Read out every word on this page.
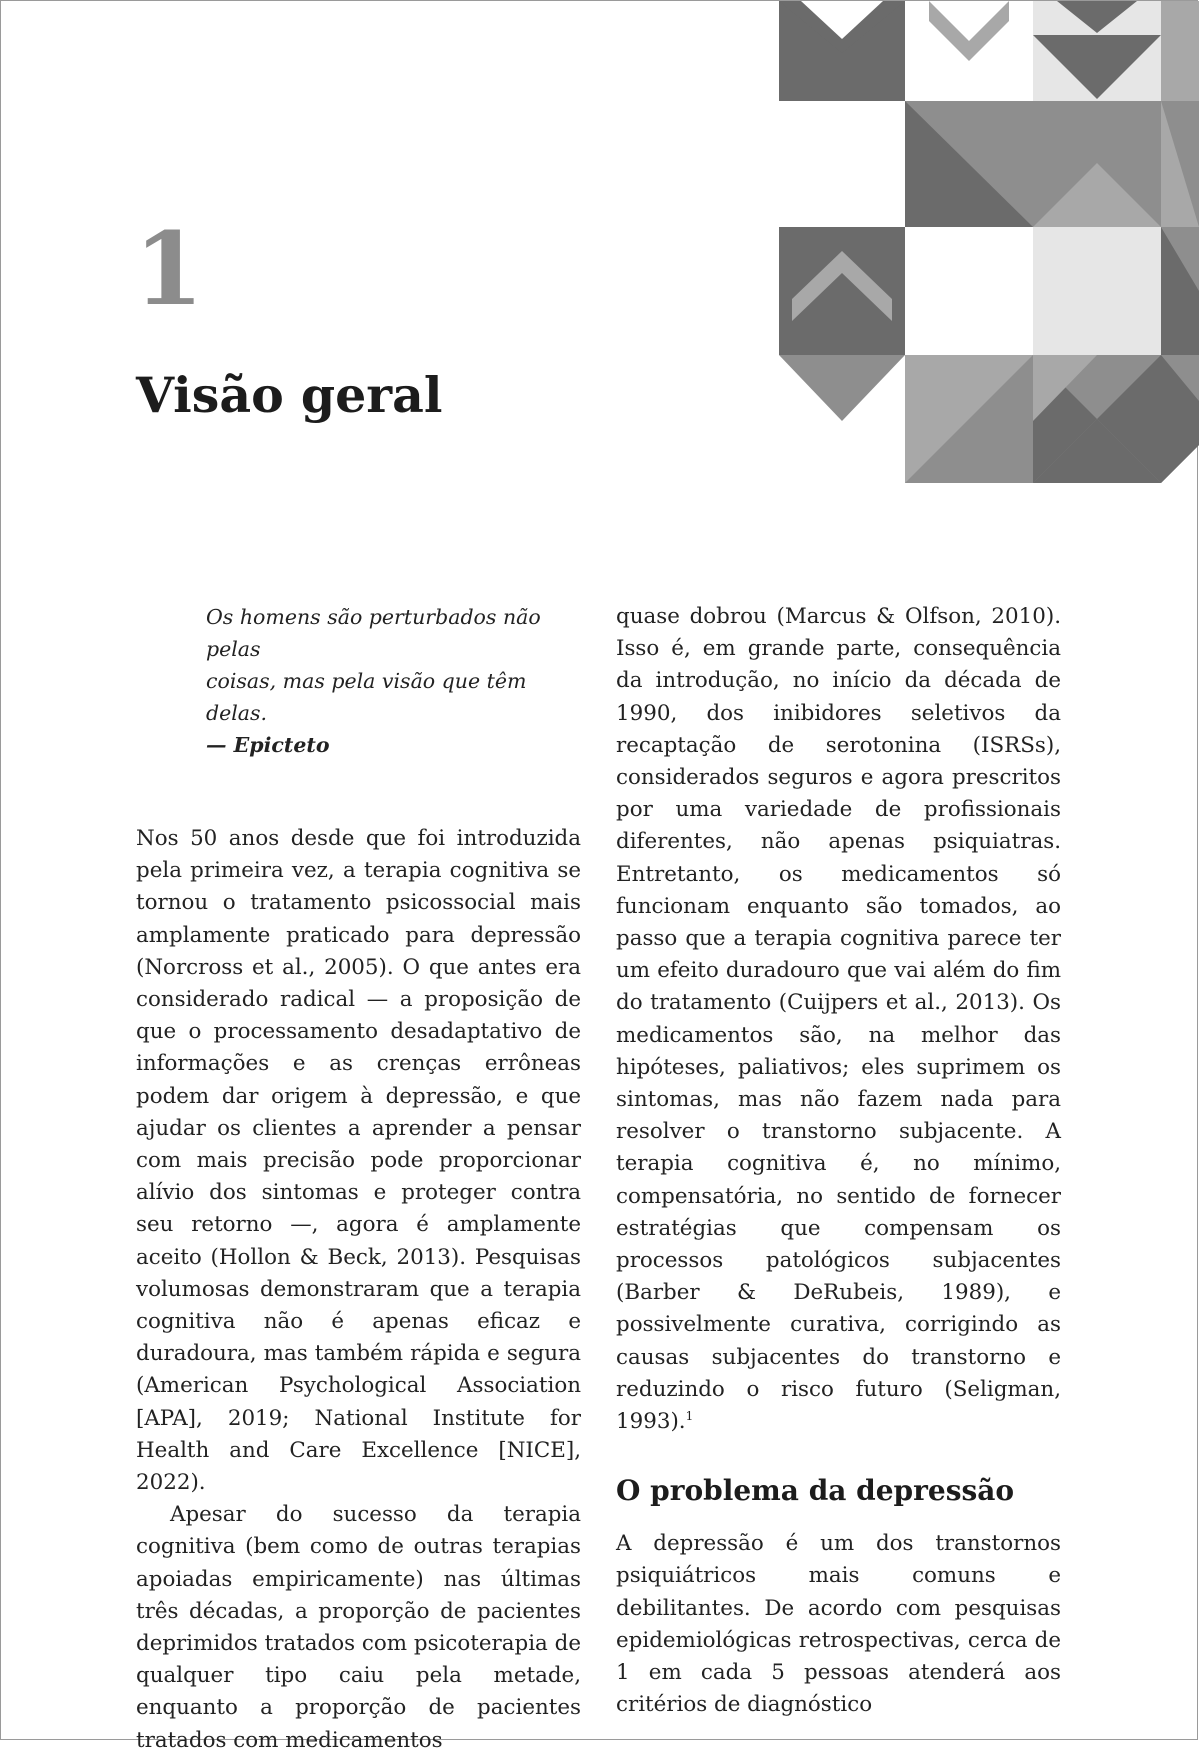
1
Visão geral
Os homens são perturbados não pelas
coisas, mas pela visão que têm delas.
— Epicteto

Nos 50 anos desde que foi introduzida pela primeira vez, a terapia cognitiva se tornou o tratamento psicossocial mais amplamente praticado para depressão (Norcross et al., 2005). O que antes era considerado radical — a proposição de que o processamento desadaptativo de informações e as crenças errôneas podem dar origem à depressão, e que ajudar os clientes a aprender a pensar com mais precisão pode proporcionar alívio dos sintomas e proteger contra seu retorno —, agora é amplamente aceito (Hollon & Beck, 2013). Pesquisas volumosas demonstraram que a terapia cognitiva não é apenas eficaz e duradoura, mas também rápida e segura (American Psychological Association [APA], 2019; National Institute for Health and Care Excellence [NICE], 2022).

Apesar do sucesso da terapia cognitiva (bem como de outras terapias apoiadas empiricamente) nas últimas três décadas, a proporção de pacientes deprimidos tratados com psicoterapia de qualquer tipo caiu pela metade, enquanto a proporção de pacientes tratados com medicamentos

quase dobrou (Marcus & Olfson, 2010). Isso é, em grande parte, consequência da introdução, no início da década de 1990, dos inibidores seletivos da recaptação de serotonina (ISRSs), considerados seguros e agora prescritos por uma variedade de profissionais diferentes, não apenas psiquiatras. Entretanto, os medicamentos só funcionam enquanto são tomados, ao passo que a terapia cognitiva parece ter um efeito duradouro que vai além do fim do tratamento (Cuijpers et al., 2013). Os medicamentos são, na melhor das hipóteses, paliativos; eles suprimem os sintomas, mas não fazem nada para resolver o transtorno subjacente. A terapia cognitiva é, no mínimo, compensatória, no sentido de fornecer estratégias que compensam os processos patológicos subjacentes (Barber & DeRubeis, 1989), e possivelmente curativa, corrigindo as causas subjacentes do transtorno e reduzindo o risco futuro (Seligman, 1993).$^1$

O problema da depressão

A depressão é um dos transtornos psiquiátricos mais comuns e debilitantes. De acordo com pesquisas epidemiológicas retrospectivas, cerca de 1 em cada 5 pessoas atenderá aos critérios de diagnóstico
